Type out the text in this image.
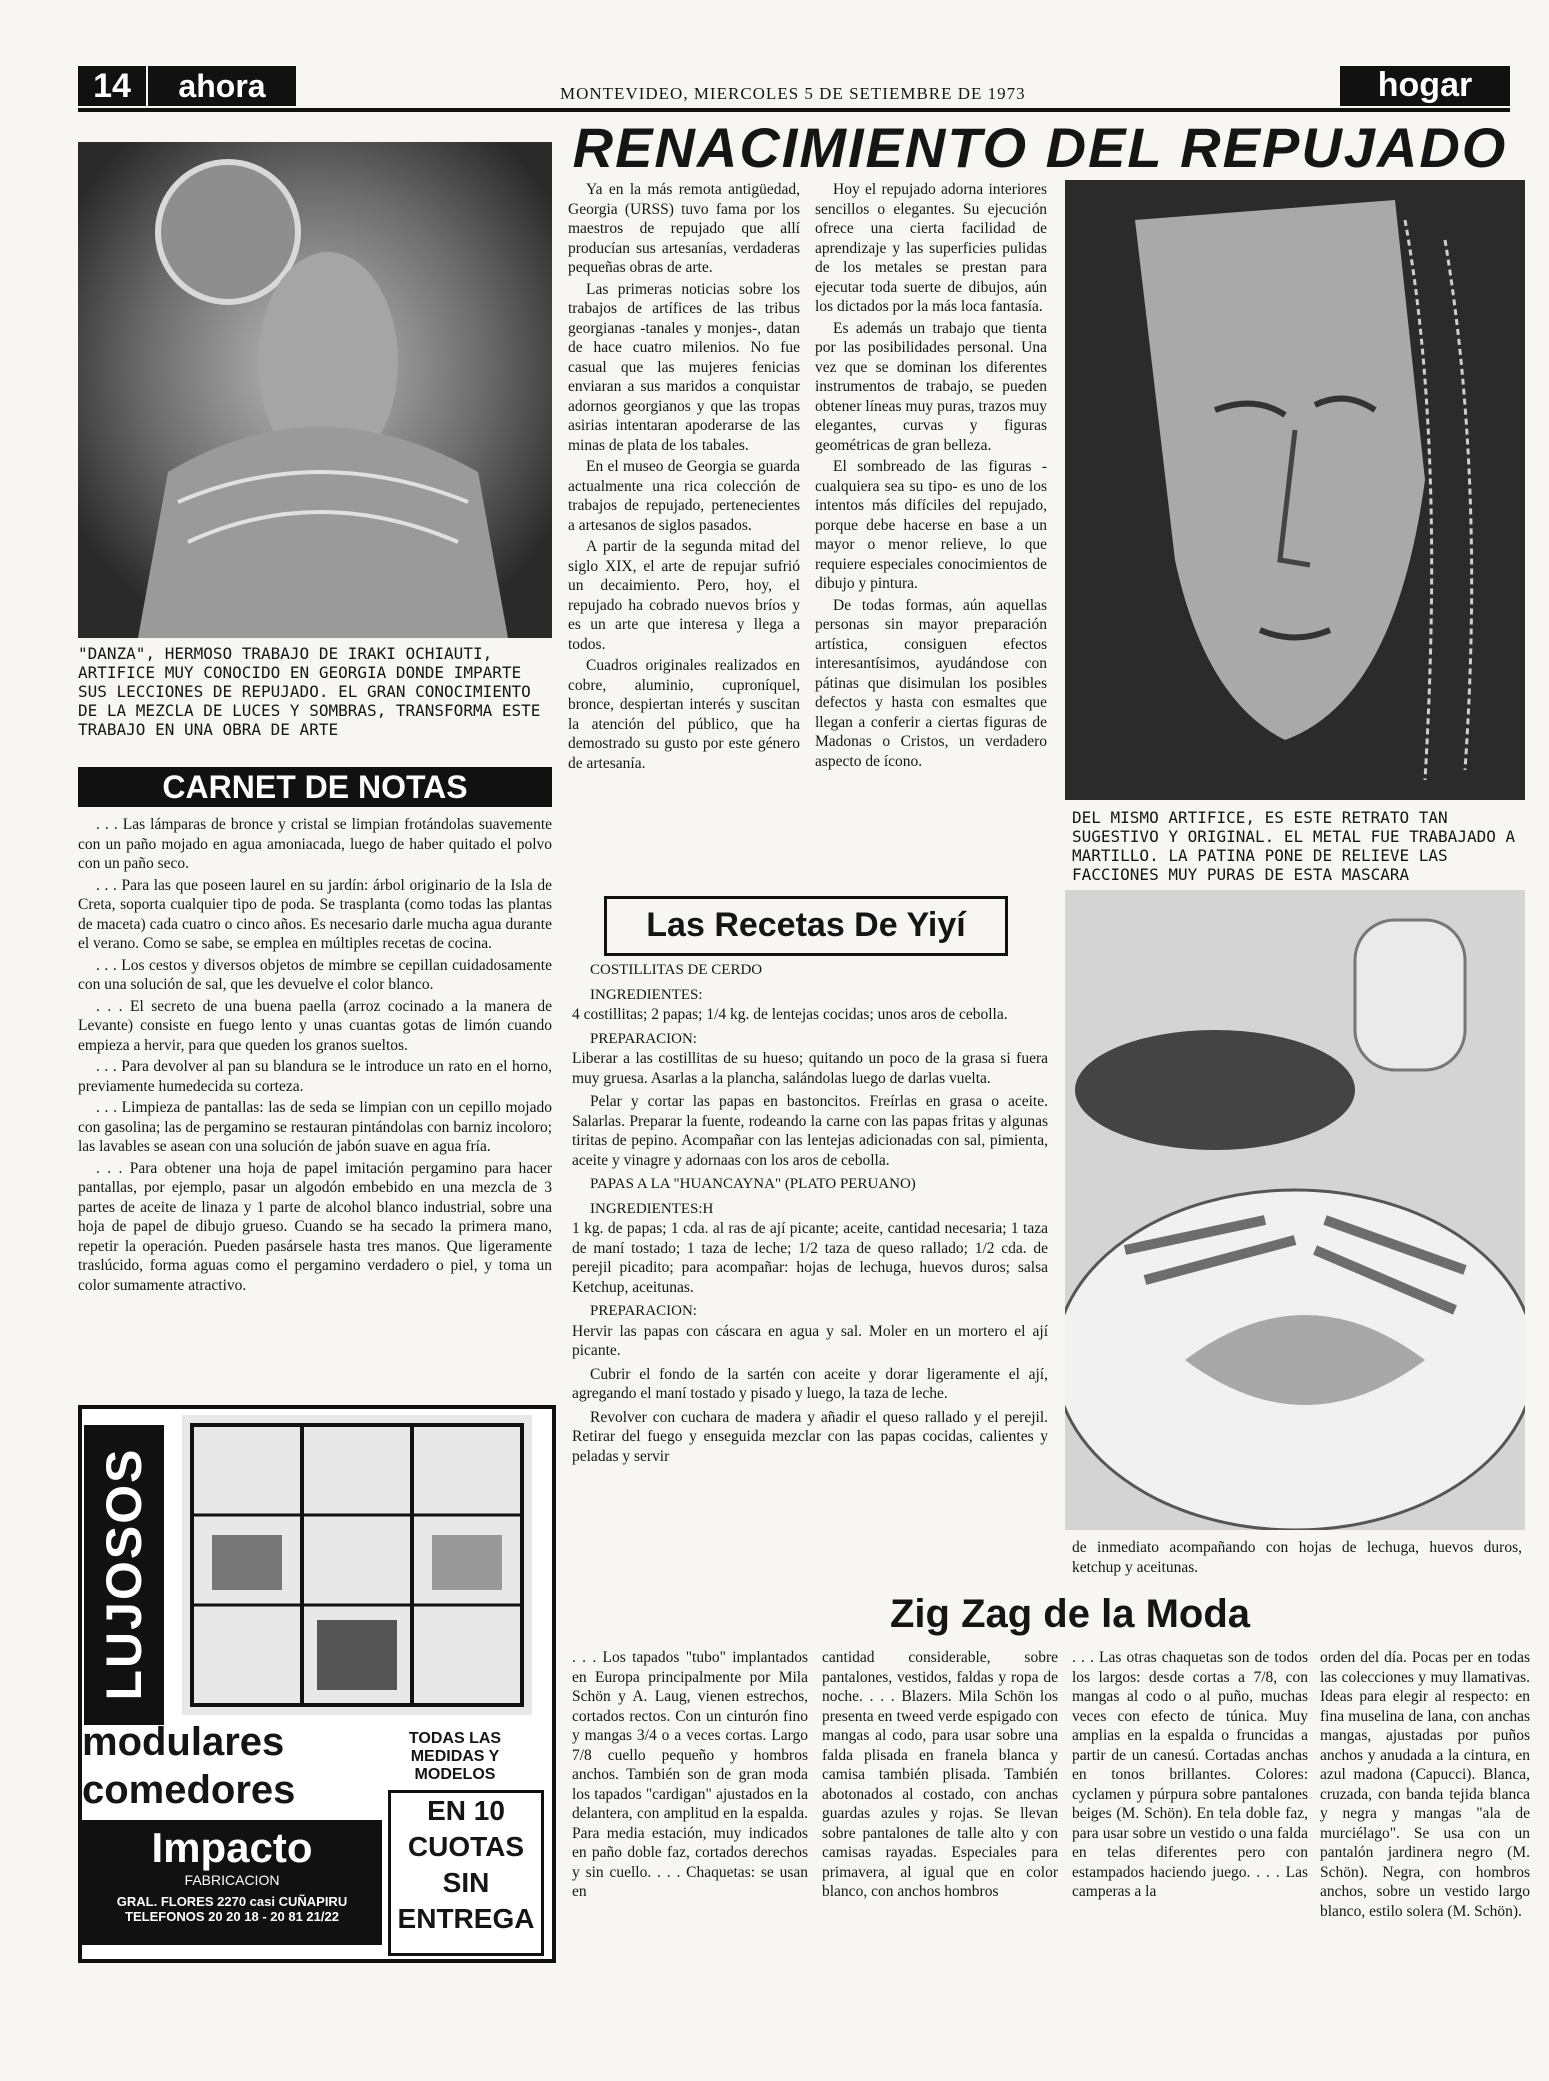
14	ahora	MONTEVIDEO, MIERCOLES 5 DE SETIEMBRE DE 1973	hogar
RENACIMIENTO DEL REPUJADO
"DANZA", HERMOSO TRABAJO DE IRAKI OCHIAUTI, ARTIFICE MUY CONOCIDO EN GEORGIA DONDE IMPARTE SUS LECCIONES DE REPUJADO. EL GRAN CONOCIMIENTO DE LA MEZCLA DE LUCES Y SOMBRAS, TRANSFORMA ESTE TRABAJO EN UNA OBRA DE ARTE
CARNET DE NOTAS

. . . Las lámparas de bronce y cristal se limpian frotándolas suavemente con un paño mojado en agua amoniacada, luego de haber quitado el polvo con un paño seco.

. . . Para las que poseen laurel en su jardín: árbol originario de la Isla de Creta, soporta cualquier tipo de poda. Se trasplanta (como todas las plantas de maceta) cada cuatro o cinco años. Es necesario darle mucha agua durante el verano. Como se sabe, se emplea en múltiples recetas de cocina.

. . . Los cestos y diversos objetos de mimbre se cepillan cuidadosamente con una solución de sal, que les devuelve el color blanco.

. . . El secreto de una buena paella (arroz cocinado a la manera de Levante) consiste en fuego lento y unas cuantas gotas de limón cuando empieza a hervir, para que queden los granos sueltos.

. . . Para devolver al pan su blandura se le introduce un rato en el horno, previamente humedecida su corteza.

. . . Limpieza de pantallas: las de seda se limpian con un cepillo mojado con gasolina; las de pergamino se restauran pintándolas con barniz incoloro; las lavables se asean con una solución de jabón suave en agua fría.

. . . Para obtener una hoja de papel imitación pergamino para hacer pantallas, por ejemplo, pasar un algodón embebido en una mezcla de 3 partes de aceite de linaza y 1 parte de alcohol blanco industrial, sobre una hoja de papel de dibujo grueso. Cuando se ha secado la primera mano, repetir la operación. Pueden pasársele hasta tres manos. Que ligeramente traslúcido, forma aguas como el pergamino verdadero o piel, y toma un color sumamente atractivo.

LUJOSOS
modulares
comedores
TODAS LAS MEDIDAS Y MODELOS
Impacto
FABRICACION
GRAL. FLORES 2270 casi CUÑAPIRU
TELEFONOS 20 20 18 - 20 81 21/22
EN 10
CUOTAS
SIN
ENTREGA

Ya en la más remota antigüedad, Georgia (URSS) tuvo fama por los maestros de repujado que allí producían sus artesanías, verdaderas pequeñas obras de arte.

Las primeras noticias sobre los trabajos de artífices de las tribus georgianas -tanales y monjes-, datan de hace cuatro milenios. No fue casual que las mujeres fenicias enviaran a sus maridos a conquistar adornos georgianos y que las tropas asirias intentaran apoderarse de las minas de plata de los tabales.

En el museo de Georgia se guarda actualmente una rica colección de trabajos de repujado, pertenecientes a artesanos de siglos pasados.

A partir de la segunda mitad del siglo XIX, el arte de repujar sufrió un decaimiento. Pero, hoy, el repujado ha cobrado nuevos bríos y es un arte que interesa y llega a todos.

Cuadros originales realizados en cobre, aluminio, cuproníquel, bronce, despiertan interés y suscitan la atención del público, que ha demostrado su gusto por este género de artesanía.

Hoy el repujado adorna interiores sencillos o elegantes. Su ejecución ofrece una cierta facilidad de aprendizaje y las superficies pulidas de los metales se prestan para ejecutar toda suerte de dibujos, aún los dictados por la más loca fantasía.

Es además un trabajo que tienta por las posibilidades personal. Una vez que se dominan los diferentes instrumentos de trabajo, se pueden obtener líneas muy puras, trazos muy elegantes, curvas y figuras geométricas de gran belleza.

El sombreado de las figuras -cualquiera sea su tipo- es uno de los intentos más difíciles del repujado, porque debe hacerse en base a un mayor o menor relieve, lo que requiere especiales conocimientos de dibujo y pintura.

De todas formas, aún aquellas personas sin mayor preparación artística, consiguen efectos interesantísimos, ayudándose con pátinas que disimulan los posibles defectos y hasta con esmaltes que llegan a conferir a ciertas figuras de Madonas o Cristos, un verdadero aspecto de ícono.

DEL MISMO ARTIFICE, ES ESTE RETRATO TAN SUGESTIVO Y ORIGINAL. EL METAL FUE TRABAJADO A MARTILLO. LA PATINA PONE DE RELIEVE LAS FACCIONES MUY PURAS DE ESTA MASCARA
Las Recetas De Yiyí

COSTILLITAS DE CERDO

INGREDIENTES:
4 costillitas; 2 papas; 1/4 kg. de lentejas cocidas; unos aros de cebolla.

PREPARACION:
Liberar a las costillitas de su hueso; quitando un poco de la grasa si fuera muy gruesa. Asarlas a la plancha, salándolas luego de darlas vuelta.

Pelar y cortar las papas en bastoncitos. Freírlas en grasa o aceite. Salarlas. Preparar la fuente, rodeando la carne con las papas fritas y algunas tiritas de pepino. Acompañar con las lentejas adicionadas con sal, pimienta, aceite y vinagre y adornaas con los aros de cebolla.

PAPAS A LA "HUANCAYNA" (PLATO PERUANO)

INGREDIENTES:H
1 kg. de papas; 1 cda. al ras de ají picante; aceite, cantidad necesaria; 1 taza de maní tostado; 1 taza de leche; 1/2 taza de queso rallado; 1/2 cda. de perejil picadito; para acompañar: hojas de lechuga, huevos duros; salsa Ketchup, aceitunas.

PREPARACION:
Hervir las papas con cáscara en agua y sal. Moler en un mortero el ají picante.

Cubrir el fondo de la sartén con aceite y dorar ligeramente el ají, agregando el maní tostado y pisado y luego, la taza de leche.

Revolver con cuchara de madera y añadir el queso rallado y el perejil. Retirar del fuego y enseguida mezclar con las papas cocidas, calientes y peladas y servir

de inmediato acompañando con hojas de lechuga, huevos duros, ketchup y aceitunas.
Zig Zag de la Moda
. . . Los tapados "tubo" implantados en Europa principalmente por Mila Schön y A. Laug, vienen estrechos, cortados rectos. Con un cinturón fino y mangas 3/4 o a veces cortas. Largo 7/8 cuello pequeño y hombros anchos. También son de gran moda los tapados "cardigan" ajustados en la delantera, con amplitud en la espalda. Para media estación, muy indicados en paño doble faz, cortados derechos y sin cuello. . . . Chaquetas: se usan en
cantidad considerable, sobre pantalones, vestidos, faldas y ropa de noche. . . . Blazers. Mila Schön los presenta en tweed verde espigado con mangas al codo, para usar sobre una falda plisada en franela blanca y camisa también plisada. También abotonados al costado, con anchas guardas azules y rojas. Se llevan sobre pantalones de talle alto y con camisas rayadas. Especiales para primavera, al igual que en color blanco, con anchos hombros
. . . Las otras chaquetas son de todos los largos: desde cortas a 7/8, con mangas al codo o al puño, muchas veces con efecto de túnica. Muy amplias en la espalda o fruncidas a partir de un canesú. Cortadas anchas en tonos brillantes. Colores: cyclamen y púrpura sobre pantalones beiges (M. Schön). En tela doble faz, para usar sobre un vestido o una falda en telas diferentes pero con estampados haciendo juego. . . . Las camperas a la
orden del día. Pocas per en todas las colecciones y muy llamativas. Ideas para elegir al respecto: en fina muselina de lana, con anchas mangas, ajustadas por puños anchos y anudada a la cintura, en azul madona (Capucci). Blanca, cruzada, con banda tejida blanca y negra y mangas "ala de murciélago". Se usa con un pantalón jardinera negro (M. Schön). Negra, con hombros anchos, sobre un vestido largo blanco, estilo solera (M. Schön).
